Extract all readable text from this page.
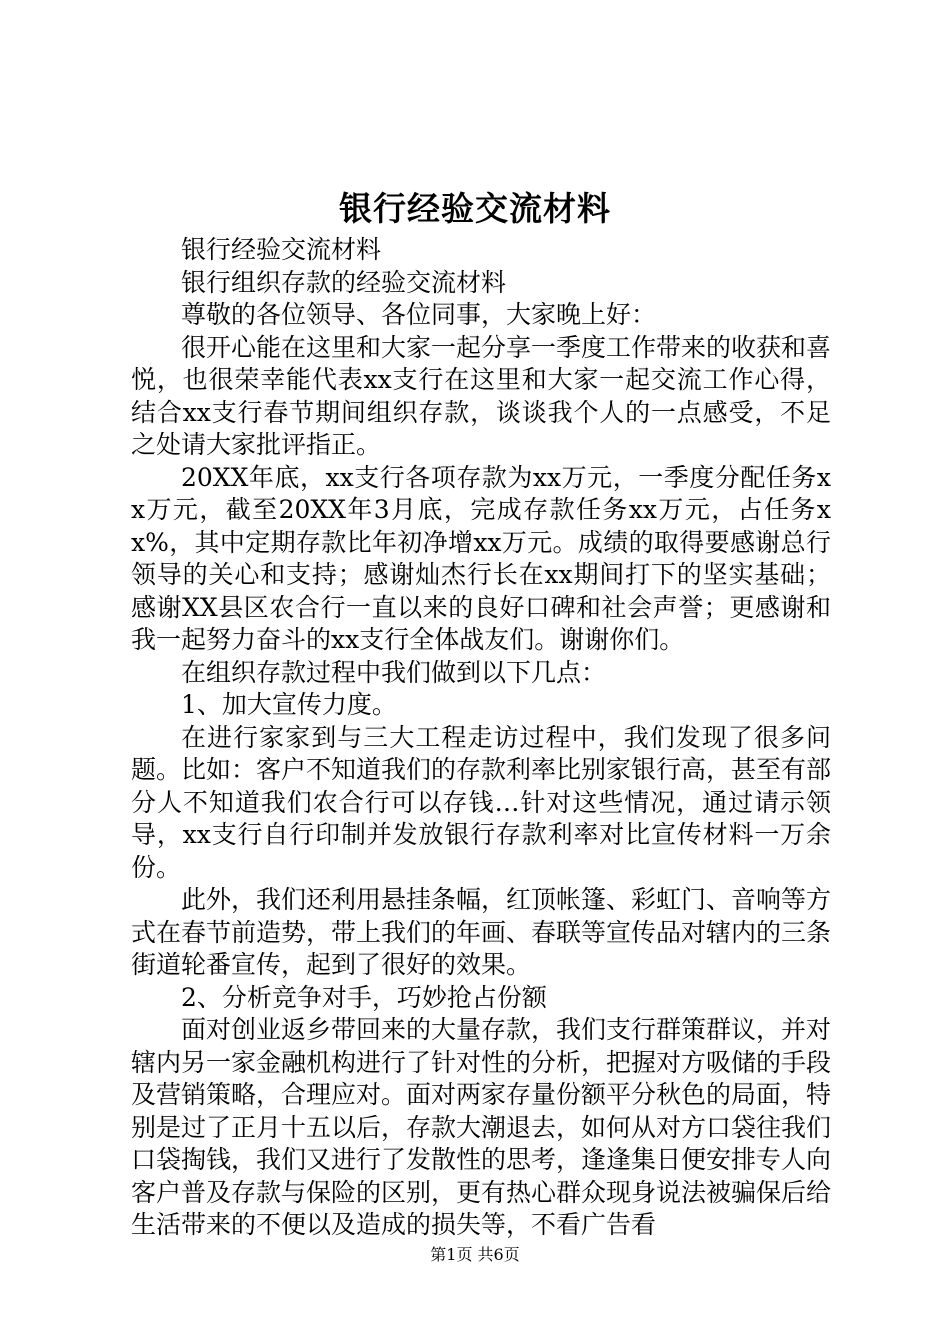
银行经验交流材料

银行经验交流材料

银行组织存款的经验交流材料

尊敬的各位领导、各位同事，大家晚上好：

很开心能在这里和大家一起分享一季度工作带来的收获和喜悦，也很荣幸能代表xx支行在这里和大家一起交流工作心得，结合xx支行春节期间组织存款，谈谈我个人的一点感受，不足之处请大家批评指正。

20XX年底，xx支行各项存款为xx万元，一季度分配任务xx万元，截至20XX年3月底，完成存款任务xx万元，占任务xx%，其中定期存款比年初净增xx万元。成绩的取得要感谢总行领导的关心和支持；感谢灿杰行长在xx期间打下的坚实基础；感谢XX县区农合行一直以来的良好口碑和社会声誉；更感谢和我一起努力奋斗的xx支行全体战友们。谢谢你们。

在组织存款过程中我们做到以下几点：

1、加大宣传力度。

在进行家家到与三大工程走访过程中，我们发现了很多问题。比如：客户不知道我们的存款利率比别家银行高，甚至有部分人不知道我们农合行可以存钱…针对这些情况，通过请示领导，xx支行自行印制并发放银行存款利率对比宣传材料一万余份。

此外，我们还利用悬挂条幅，红顶帐篷、彩虹门、音响等方式在春节前造势，带上我们的年画、春联等宣传品对辖内的三条街道轮番宣传，起到了很好的效果。

2、分析竞争对手，巧妙抢占份额

面对创业返乡带回来的大量存款，我们支行群策群议，并对辖内另一家金融机构进行了针对性的分析，把握对方吸储的手段及营销策略，合理应对。面对两家存量份额平分秋色的局面，特别是过了正月十五以后，存款大潮退去，如何从对方口袋往我们口袋掏钱，我们又进行了发散性的思考，逢逢集日便安排专人向客户普及存款与保险的区别，更有热心群众现身说法被骗保后给生活带来的不便以及造成的损失等，不看广告看

第1页 共6页
